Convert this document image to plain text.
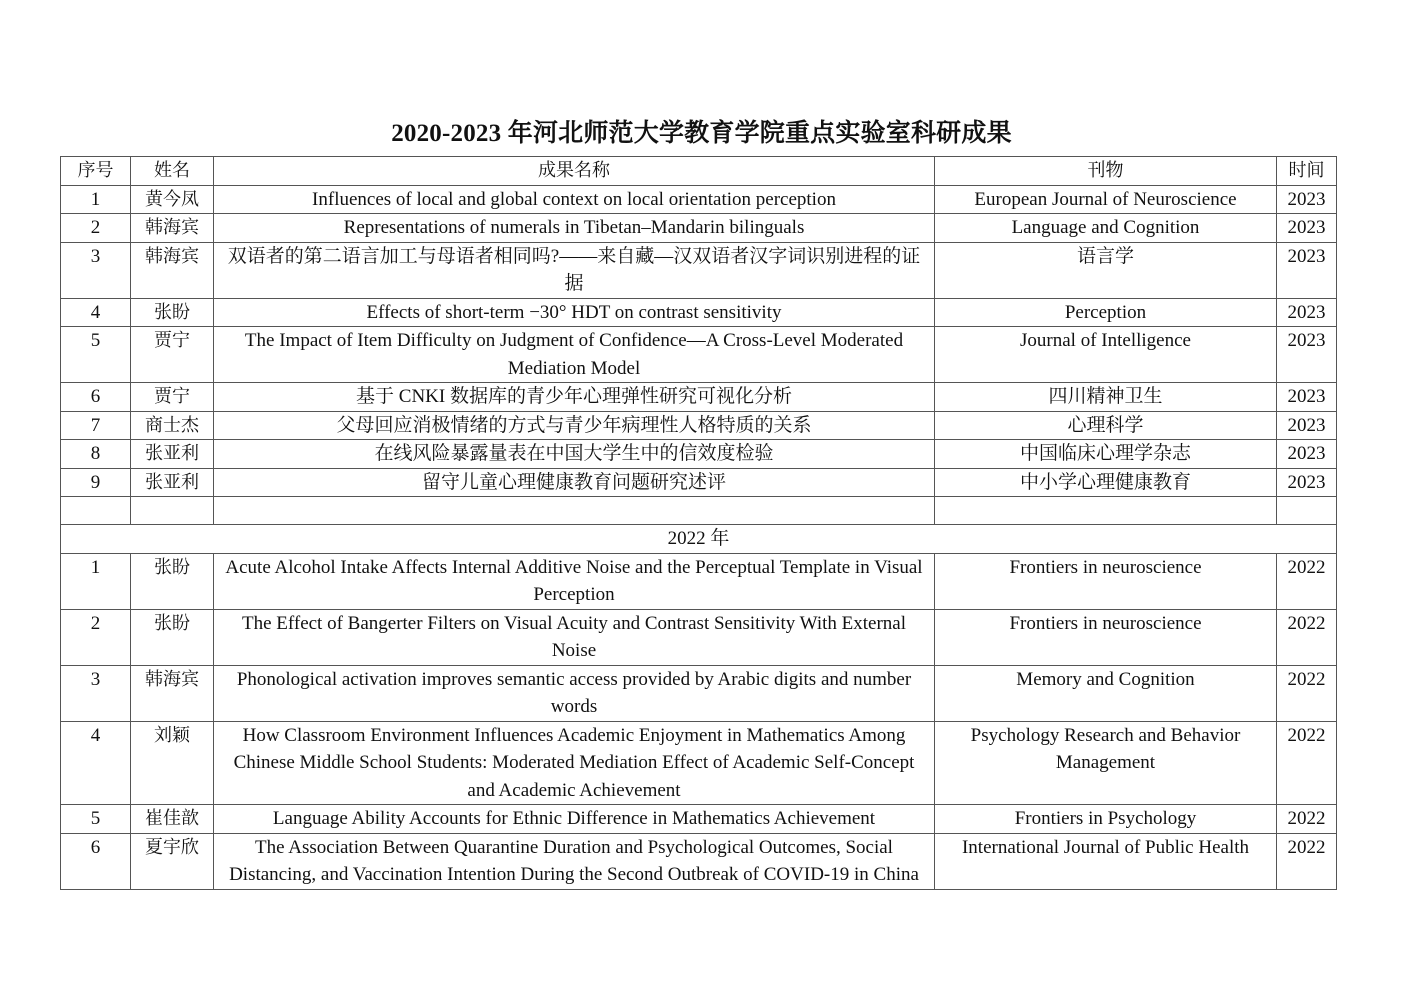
2020-2023 年河北师范大学教育学院重点实验室科研成果
序号	姓名	成果名称	刊物	时间
1	黄今凤	Influences of local and global context on local orientation perception	European Journal of Neuroscience	2023
2	韩海宾	Representations of numerals in Tibetan–Mandarin bilinguals	Language and Cognition	2023
3	韩海宾	双语者的第二语言加工与母语者相同吗?——来自藏—汉双语者汉字词识别进程的证据	语言学	2023
4	张盼	Effects of short-term −30° HDT on contrast sensitivity	Perception	2023
5	贾宁	The Impact of Item Difficulty on Judgment of Confidence—A Cross-Level Moderated Mediation Model	Journal of Intelligence	2023
6	贾宁	基于 CNKI 数据库的青少年心理弹性研究可视化分析	四川精神卫生	2023
7	商士杰	父母回应消极情绪的方式与青少年病理性人格特质的关系	心理科学	2023
8	张亚利	在线风险暴露量表在中国大学生中的信效度检验	中国临床心理学杂志	2023
9	张亚利	留守儿童心理健康教育问题研究述评	中小学心理健康教育	2023

2022 年				
1	张盼	Acute Alcohol Intake Affects Internal Additive Noise and the Perceptual Template in Visual Perception	Frontiers in neuroscience	2022
2	张盼	The Effect of Bangerter Filters on Visual Acuity and Contrast Sensitivity With External Noise	Frontiers in neuroscience	2022
3	韩海宾	Phonological activation improves semantic access provided by Arabic digits and number words	Memory and Cognition	2022
4	刘颖	How Classroom Environment Influences Academic Enjoyment in Mathematics Among Chinese Middle School Students: Moderated Mediation Effect of Academic Self-Concept and Academic Achievement	Psychology Research and Behavior Management	2022
5	崔佳歆	Language Ability Accounts for Ethnic Difference in Mathematics Achievement	Frontiers in Psychology	2022
6	夏宇欣	The Association Between Quarantine Duration and Psychological Outcomes, Social Distancing, and Vaccination Intention During the Second Outbreak of COVID-19 in China	International Journal of Public Health	2022
